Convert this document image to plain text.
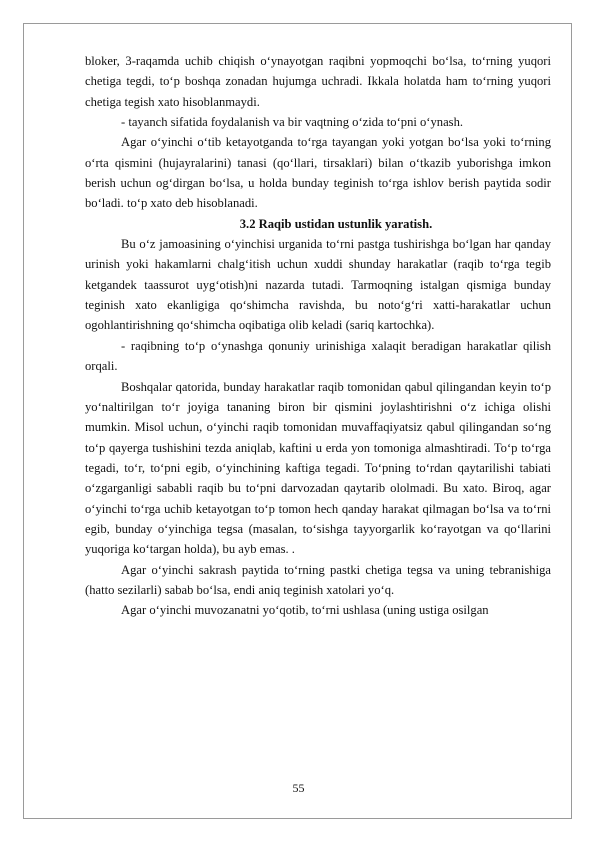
bloker, 3-raqamda uchib chiqish o‘ynayotgan raqibni yopmoqchi bo‘lsa, to‘rning yuqori chetiga tegdi, to‘p boshqa zonadan hujumga uchradi. Ikkala holatda ham to‘rning yuqori chetiga tegish xato hisoblanmaydi.

- tayanch sifatida foydalanish va bir vaqtning o‘zida to‘pni o‘ynash.

Agar o‘yinchi o‘tib ketayotganda to‘rga tayangan yoki yotgan bo‘lsa yoki to‘rning o‘rta qismini (hujayralarini) tanasi (qo‘llari, tirsaklari) bilan o‘tkazib yuborishga imkon berish uchun og‘dirgan bo‘lsa, u holda bunday teginish to‘rga ishlov berish paytida sodir bo‘ladi. to‘p xato deb hisoblanadi.

3.2 Raqib ustidan ustunlik yaratish.

Bu o‘z jamoasining o‘yinchisi urganida to‘rni pastga tushirishga bo‘lgan har qanday urinish yoki hakamlarni chalg‘itish uchun xuddi shunday harakatlar (raqib to‘rga tegib ketgandek taassurot uyg‘otish)ni nazarda tutadi. Tarmoqning istalgan qismiga bunday teginish xato ekanligiga qo‘shimcha ravishda, bu noto‘g‘ri xatti-harakatlar uchun ogohlantirishning qo‘shimcha oqibatiga olib keladi (sariq kartochka).

- raqibning to‘p o‘ynashga qonuniy urinishiga xalaqit beradigan harakatlar qilish orqali.

Boshqalar qatorida, bunday harakatlar raqib tomonidan qabul qilingandan keyin to‘p yo‘naltirilgan to‘r joyiga tananing biron bir qismini joylashtirishni o‘z ichiga olishi mumkin. Misol uchun, o‘yinchi raqib tomonidan muvaffaqiyatsiz qabul qilingandan so‘ng to‘p qayerga tushishini tezda aniqlab, kaftini u erda yon tomoniga almashtiradi. To‘p to‘rga tegadi, to‘r, to‘pni egib, o‘yinchining kaftiga tegadi. To‘pning to‘rdan qaytarilishi tabiati o‘zgarganligi sababli raqib bu to‘pni darvozadan qaytarib ololmadi. Bu xato. Biroq, agar o‘yinchi to‘rga uchib ketayotgan to‘p tomon hech qanday harakat qilmagan bo‘lsa va to‘rni egib, bunday o‘yinchiga tegsa (masalan, to‘sishga tayyorgarlik ko‘rayotgan va qo‘llarini yuqoriga ko‘targan holda), bu ayb emas. .

Agar o‘yinchi sakrash paytida to‘rning pastki chetiga tegsa va uning tebranishiga (hatto sezilarli) sabab bo‘lsa, endi aniq teginish xatolari yo‘q.

Agar o‘yinchi muvozanatni yo‘qotib, to‘rni ushlasa (uning ustiga osilgan

55
